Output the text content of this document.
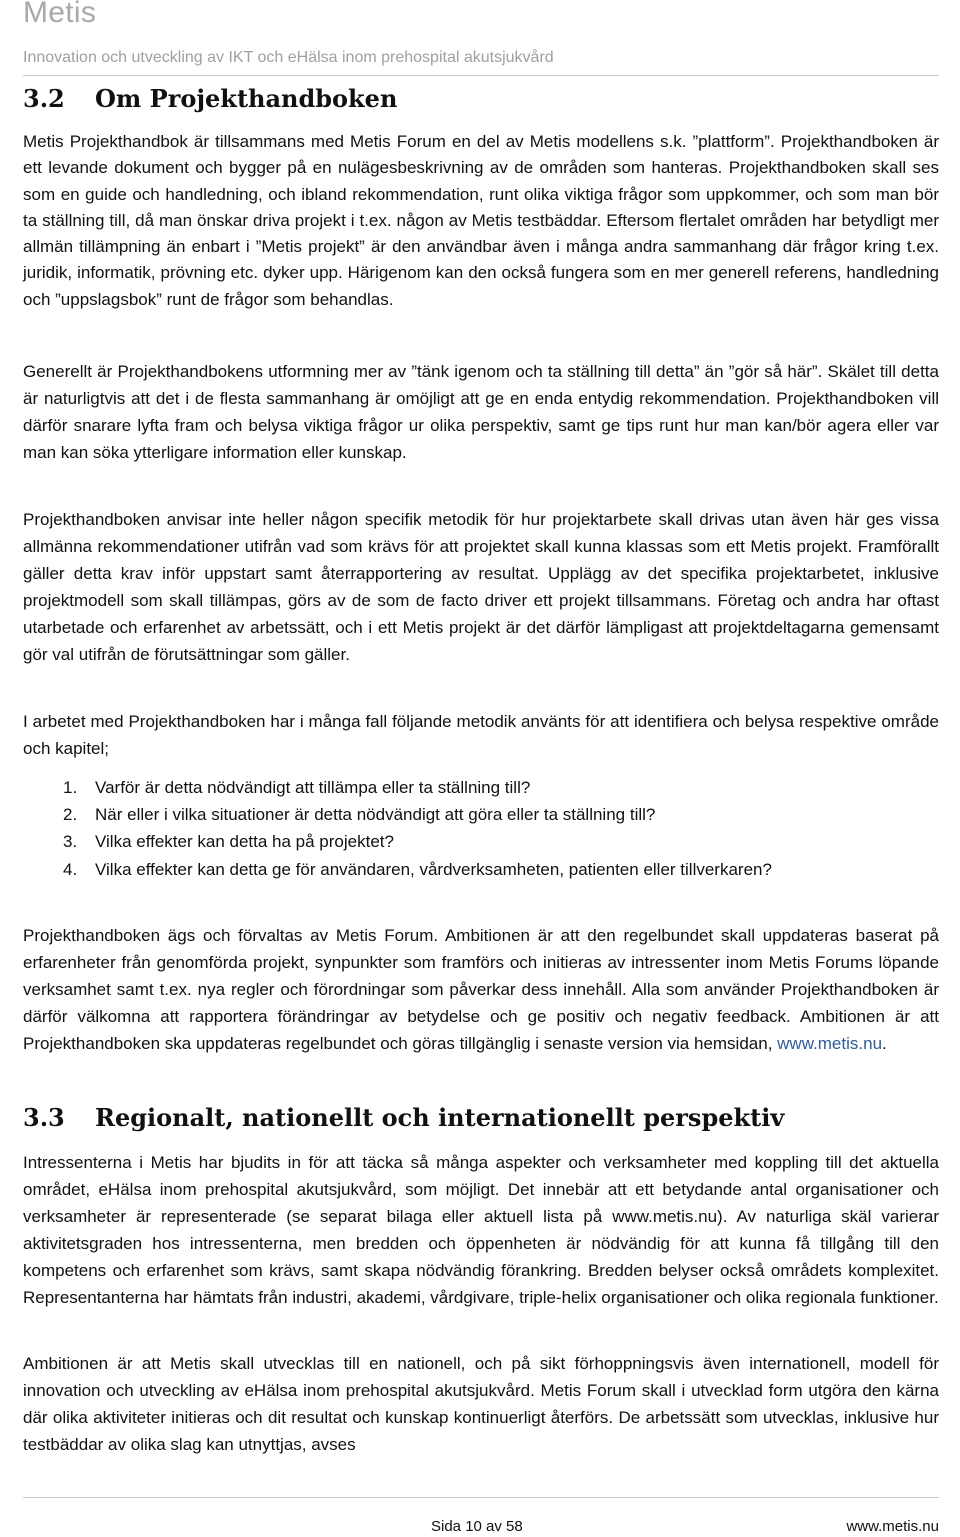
Metis
Innovation och utveckling av IKT och eHälsa inom prehospital akutsjukvård
3.2 Om Projekthandboken

Metis Projekthandbok är tillsammans med Metis Forum en del av Metis modellens s.k. ”plattform”. Projekthandboken är ett levande dokument och bygger på en nulägesbeskrivning av de områden som hanteras. Projekthandboken skall ses som en guide och handledning, och ibland rekommendation, runt olika viktiga frågor som uppkommer, och som man bör ta ställning till, då man önskar driva projekt i t.ex. någon av Metis testbäddar. Eftersom flertalet områden har betydligt mer allmän tillämpning än enbart i ”Metis projekt” är den användbar även i många andra sammanhang där frågor kring t.ex. juridik, informatik, prövning etc. dyker upp. Härigenom kan den också fungera som en mer generell referens, handledning och ”uppslagsbok” runt de frågor som behandlas.

Generellt är Projekthandbokens utformning mer av ”tänk igenom och ta ställning till detta” än ”gör så här”. Skälet till detta är naturligtvis att det i de flesta sammanhang är omöjligt att ge en enda entydig rekommendation. Projekthandboken vill därför snarare lyfta fram och belysa viktiga frågor ur olika perspektiv, samt ge tips runt hur man kan/bör agera eller var man kan söka ytterligare information eller kunskap.

Projekthandboken anvisar inte heller någon specifik metodik för hur projektarbete skall drivas utan även här ges vissa allmänna rekommendationer utifrån vad som krävs för att projektet skall kunna klassas som ett Metis projekt. Framförallt gäller detta krav inför uppstart samt återrapportering av resultat. Upplägg av det specifika projektarbetet, inklusive projektmodell som skall tillämpas, görs av de som de facto driver ett projekt tillsammans. Företag och andra har oftast utarbetade och erfarenhet av arbetssätt, och i ett Metis projekt är det därför lämpligast att projektdeltagarna gemensamt gör val utifrån de förutsättningar som gäller.

I arbetet med Projekthandboken har i många fall följande metodik använts för att identifiera och belysa respektive område och kapitel;

1.	Varför är detta nödvändigt att tillämpa eller ta ställning till?
2.	När eller i vilka situationer är detta nödvändigt att göra eller ta ställning till?
3.	Vilka effekter kan detta ha på projektet?
4.	Vilka effekter kan detta ge för användaren, vårdverksamheten, patienten eller tillverkaren?

Projekthandboken ägs och förvaltas av Metis Forum. Ambitionen är att den regelbundet skall uppdateras baserat på erfarenheter från genomförda projekt, synpunkter som framförs och initieras av intressenter inom Metis Forums löpande verksamhet samt t.ex. nya regler och förordningar som påverkar dess innehåll. Alla som använder Projekthandboken är därför välkomna att rapportera förändringar av betydelse och ge positiv och negativ feedback. Ambitionen är att Projekthandboken ska uppdateras regelbundet och göras tillgänglig i senaste version via hemsidan, www.metis.nu.

3.3 Regionalt, nationellt och internationellt perspektiv

Intressenterna i Metis har bjudits in för att täcka så många aspekter och verksamheter med koppling till det aktuella området, eHälsa inom prehospital akutsjukvård, som möjligt. Det innebär att ett betydande antal organisationer och verksamheter är representerade (se separat bilaga eller aktuell lista på www.metis.nu). Av naturliga skäl varierar aktivitetsgraden hos intressenterna, men bredden och öppenheten är nödvändig för att kunna få tillgång till den kompetens och erfarenhet som krävs, samt skapa nödvändig förankring. Bredden belyser också områdets komplexitet. Representanterna har hämtats från industri, akademi, vårdgivare, triple-helix organisationer och olika regionala funktioner.

Ambitionen är att Metis skall utvecklas till en nationell, och på sikt förhoppningsvis även internationell, modell för innovation och utveckling av eHälsa inom prehospital akutsjukvård. Metis Forum skall i utvecklad form utgöra den kärna där olika aktiviteter initieras och dit resultat och kunskap kontinuerligt återförs. De arbetssätt som utvecklas, inklusive hur testbäddar av olika slag kan utnyttjas, avses

Sida 10 av 58	www.metis.nu
